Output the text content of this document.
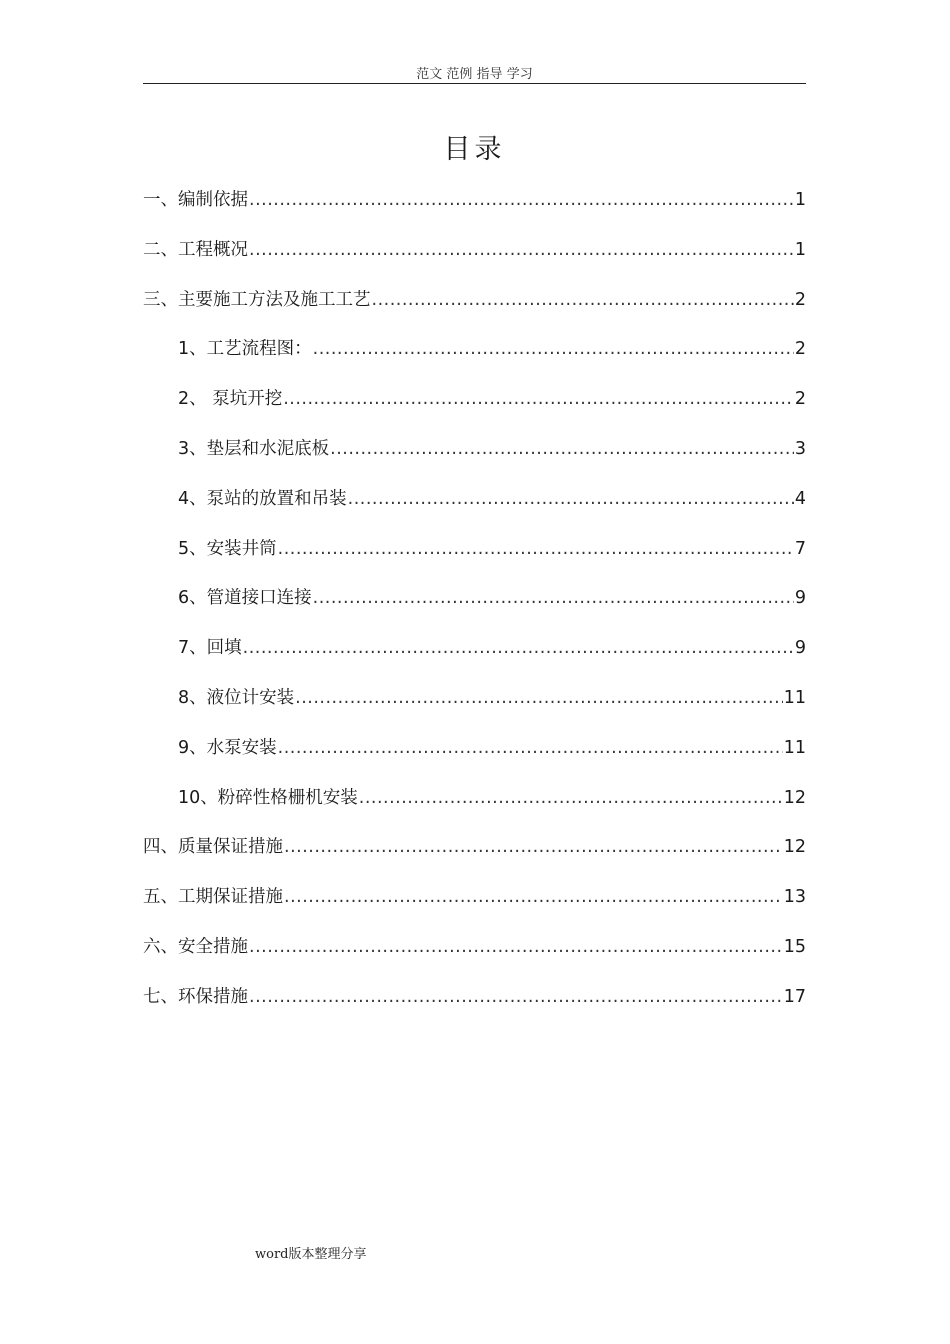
范文 范例 指导 学习
目录
一、编制依据 .....	1
二、工程概况 .....	1
三、主要施工方法及施工工艺 .....	2
1、工艺流程图： .....	2
2、 泵坑开挖 .....	2
3、垫层和水泥底板 .....	3
4、泵站的放置和吊装 .....	4
5、安装井筒 .....	7
6、管道接口连接 .....	9
7、回填 .....	9
8、液位计安装 .....	11
9、水泵安装 .....	11
10、粉碎性格栅机安装 .....	12
四、质量保证措施 .....	12
五、工期保证措施 .....	13
六、安全措施 .....	15
七、环保措施 .....	17
word版本整理分享
